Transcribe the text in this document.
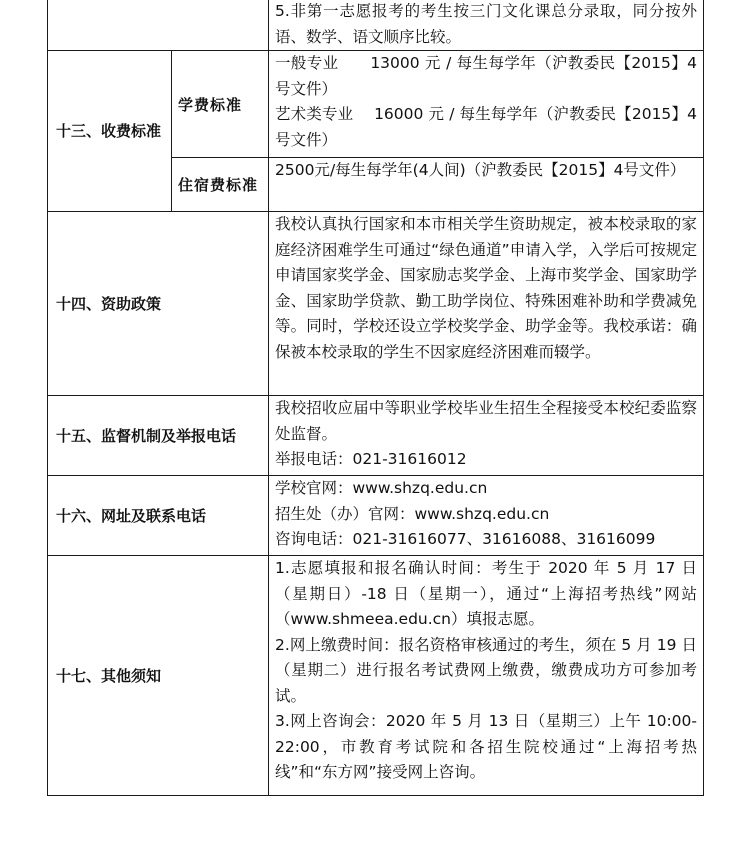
		5.非第一志愿报考的考生按三门文化课总分录取，同分按外语、数学、语文顺序比较。

十三、收费标准	学费标准	一般专业　　13000 元 / 每生每学年（沪教委民【2015】4 号文件）

艺术类专业　 16000 元 / 每生每学年（沪教委民【2015】4 号文件）

	住宿费标准	2500元/每生每学年(4人间)（沪教委民【2015】4号文件）

十四、资助政策		我校认真执行国家和本市相关学生资助规定，被本校录取的家庭经济困难学生可通过“绿色通道”申请入学，入学后可按规定申请国家奖学金、国家励志奖学金、上海市奖学金、国家助学金、国家助学贷款、勤工助学岗位、特殊困难补助和学费减免等。同时，学校还设立学校奖学金、助学金等。我校承诺：确保被本校录取的学生不因家庭经济困难而辍学。

十五、监督机制及举报电话		我校招收应届中等职业学校毕业生招生全程接受本校纪委监察处监督。

举报电话：021-31616012

十六、网址及联系电话		学校官网：www.shzq.edu.cn

招生处（办）官网：www.shzq.edu.cn

咨询电话：021-31616077、31616088、31616099

十七、其他须知		1.志愿填报和报名确认时间：考生于 2020 年 5 月 17 日（星期日）-18 日（星期一），通过“上海招考热线”网站（www.shmeea.edu.cn）填报志愿。

2.网上缴费时间：报名资格审核通过的考生，须在 5 月 19 日（星期二）进行报名考试费网上缴费，缴费成功方可参加考试。

3.网上咨询会：2020 年 5 月 13 日（星期三）上午 10:00-22:00，市教育考试院和各招生院校通过“上海招考热线”和“东方网”接受网上咨询。
